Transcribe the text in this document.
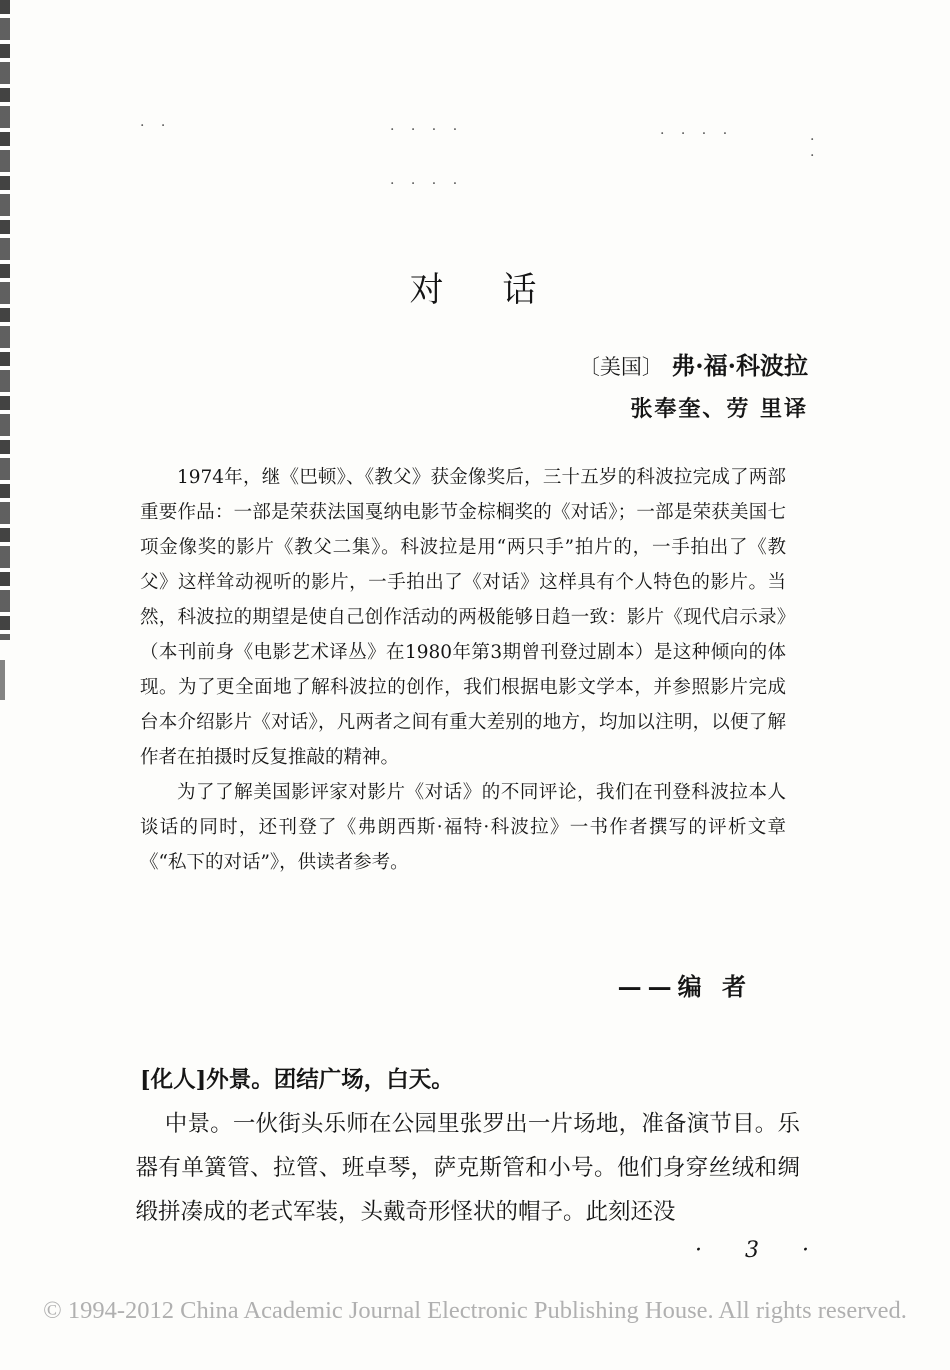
· ·	· · · ·	· · · ·	· ·
· · · ·
对 话
〔美国〕 弗·福·科波拉
张奉奎、劳 里译

1974年，继《巴顿》、《教父》获金像奖后，三十五岁的科波拉完成了两部重要作品：一部是荣获法国戛纳电影节金棕榈奖的《对话》；一部是荣获美国七项金像奖的影片《教父二集》。科波拉是用“两只手”拍片的，一手拍出了《教父》这样耸动视听的影片，一手拍出了《对话》这样具有个人特色的影片。当然，科波拉的期望是使自己创作活动的两极能够日趋一致：影片《现代启示录》（本刊前身《电影艺术译丛》在1980年第3期曾刊登过剧本）是这种倾向的体现。为了更全面地了解科波拉的创作，我们根据电影文学本，并参照影片完成台本介绍影片《对话》，凡两者之间有重大差别的地方，均加以注明，以便了解作者在拍摄时反复推敲的精神。

为了了解美国影评家对影片《对话》的不同评论，我们在刊登科波拉本人谈话的同时，还刊登了《弗朗西斯·福特·科波拉》一书作者撰写的评析文章《“私下的对话”》，供读者参考。

——编 者

[化人]外景。团结广场，白天。

中景。一伙街头乐师在公园里张罗出一片场地，准备演节目。乐器有单簧管、拉管、班卓琴，萨克斯管和小号。他们身穿丝绒和绸缎拼凑成的老式军装，头戴奇形怪状的帽子。此刻还没

· 3 ·
© 1994-2012 China Academic Journal Electronic Publishing House. All rights reserved.
